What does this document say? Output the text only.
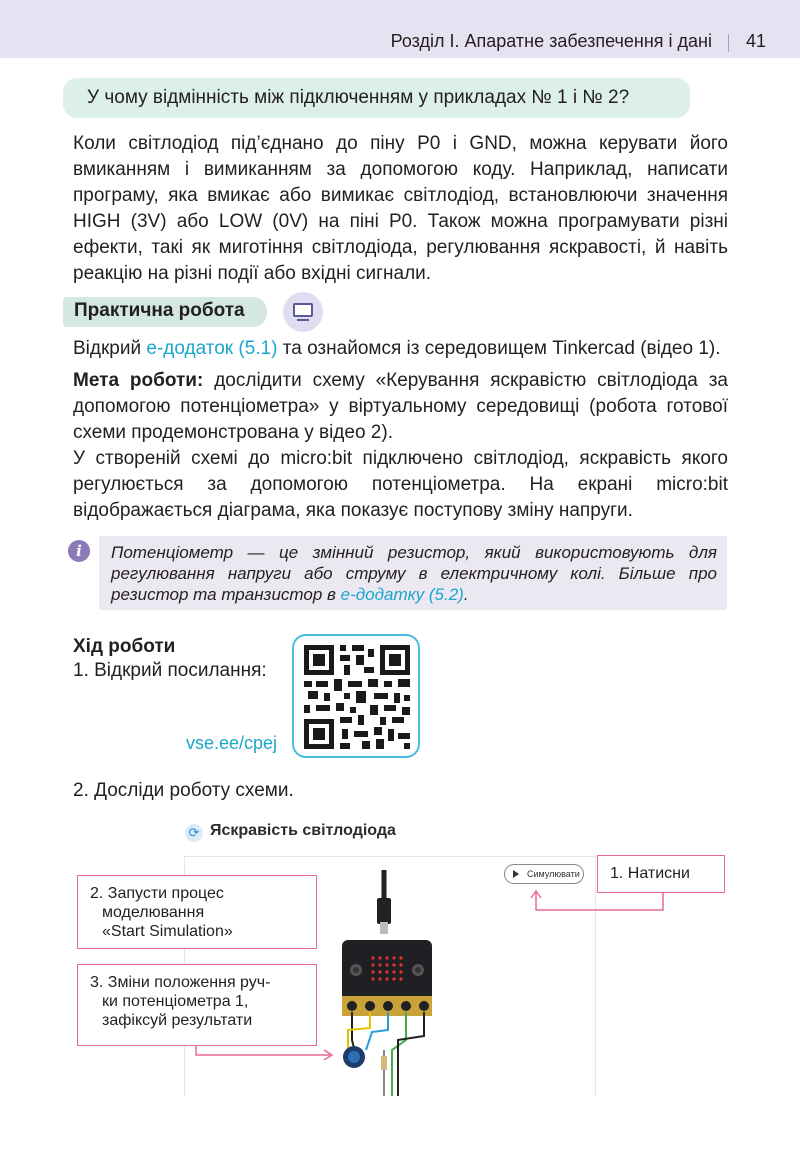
Розділ І. Апаратне забезпечення і дані 41
У чому відмінність між підключенням у прикладах № 1 і № 2?
Коли світлодіод під’єднано до піну P0 і GND, можна керувати його вмиканням і вимиканням за допомогою коду. Наприклад, написати програму, яка вмикає або вимикає світлодіод, встановлюючи значення HIGH (3V) або LOW (0V) на піні P0. Також можна програмувати різні ефекти, такі як миготіння світлодіода, регулювання яскравості, й навіть реакцію на різні події або вхідні сигнали.
Практична робота
Відкрий е-додаток (5.1) та ознайомся із середовищем Tinkercad (відео 1).
Мета роботи: дослідити схему «Керування яскравістю світлодіода за допомогою потенціометра» у віртуальному середовищі (робота готової схеми продемонстрована у відео 2).
У створеній схемі до micro:bit підключено світлодіод, яскравість якого регулюється за допомогою потенціометра. На екрані micro:bit відображається діаграма, яка показує поступову зміну напруги.
i	Потенціометр — це змінний резистор, який використовують для регулювання напруги або струму в електричному колі. Більше про резистор та транзистор в е-додатку (5.2).
Хід роботи
1. Відкрий посилання:
vse.ee/cpej
2. Досліди роботу схеми.
⟳ Яскравість світлодіода
Симулювати	1. Натисни
2. Запусти процес
моделювання
«Start Simulation»
3. Зміни положення руч-
ки потенціометра 1,
зафіксуй результати
